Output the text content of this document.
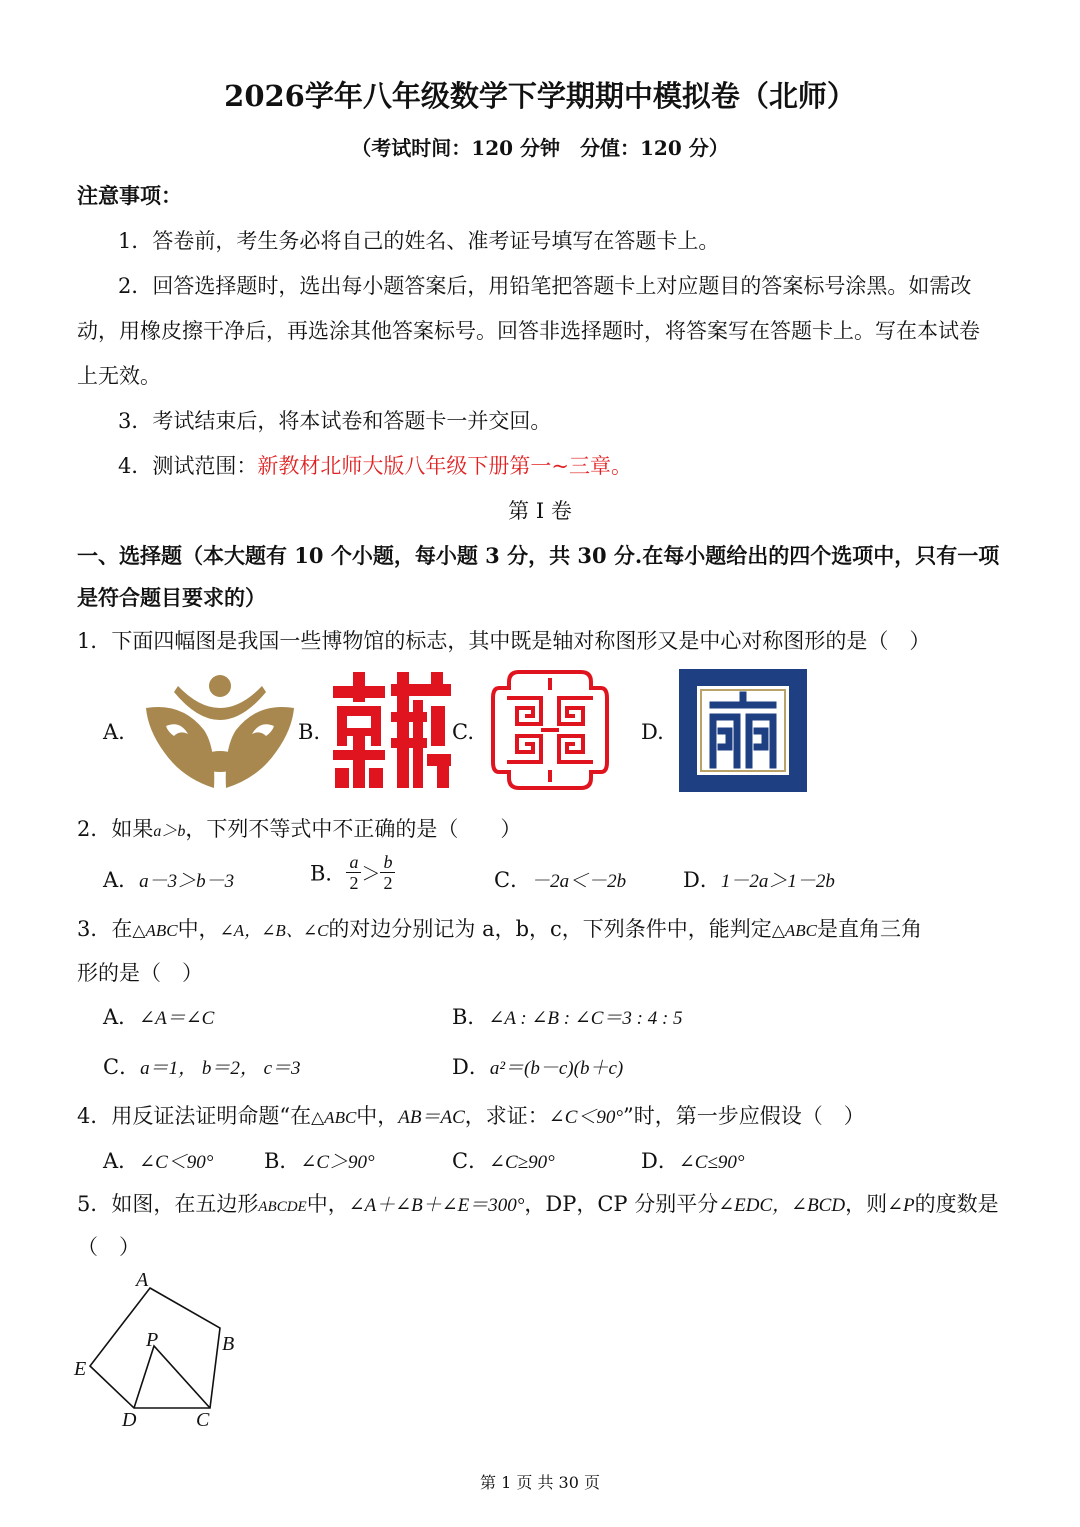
2026学年八年级数学下学期期中模拟卷（北师）
（考试时间：120 分钟　分值：120 分）
注意事项：
1．答卷前，考生务必将自己的姓名、准考证号填写在答题卡上。
2．回答选择题时，选出每小题答案后，用铅笔把答题卡上对应题目的答案标号涂黑。如需改
动，用橡皮擦干净后，再选涂其他答案标号。回答非选择题时，将答案写在答题卡上。写在本试卷
上无效。
3．考试结束后，将本试卷和答题卡一并交回。
4．测试范围：新教材北师大版八年级下册第一~三章。
第 I 卷
一、选择题（本大题有 10 个小题，每小题 3 分，共 30 分.在每小题给出的四个选项中，只有一项
是符合题目要求的）
1．下面四幅图是我国一些博物馆的标志，其中既是轴对称图形又是中心对称图形的是（　）
A.	B.	C.	D.
2．如果a＞b，下列不等式中不正确的是（　　）
A．a－3＞b－3	B． $\frac{a}{2} > \frac{b}{2}$	C．－2a＜－2b	D．1－2a＞1－2b
3．在△ABC中，∠A，∠B、∠C的对边分别记为 a，b，c，下列条件中，能判定△ABC是直角三角
形的是（　）
A．∠A＝∠C	B．∠A : ∠B : ∠C＝3 : 4 : 5
C．a＝1， b＝2， c＝3	D．a²＝(b－c)(b＋c)
4．用反证法证明命题“在△ABC中，AB＝AC，求证：∠C＜90°”时，第一步应假设（　）
A．∠C＜90° B．∠C＞90°	C．∠C≥90°	D．∠C≤90°
5．如图，在五边形ABCDE中，∠A＋∠B＋∠E＝300°，DP，CP 分别平分∠EDC，∠BCD，则∠P的度数是
（　）
A
B
C
D
E
P
第 1 页 共 30 页
